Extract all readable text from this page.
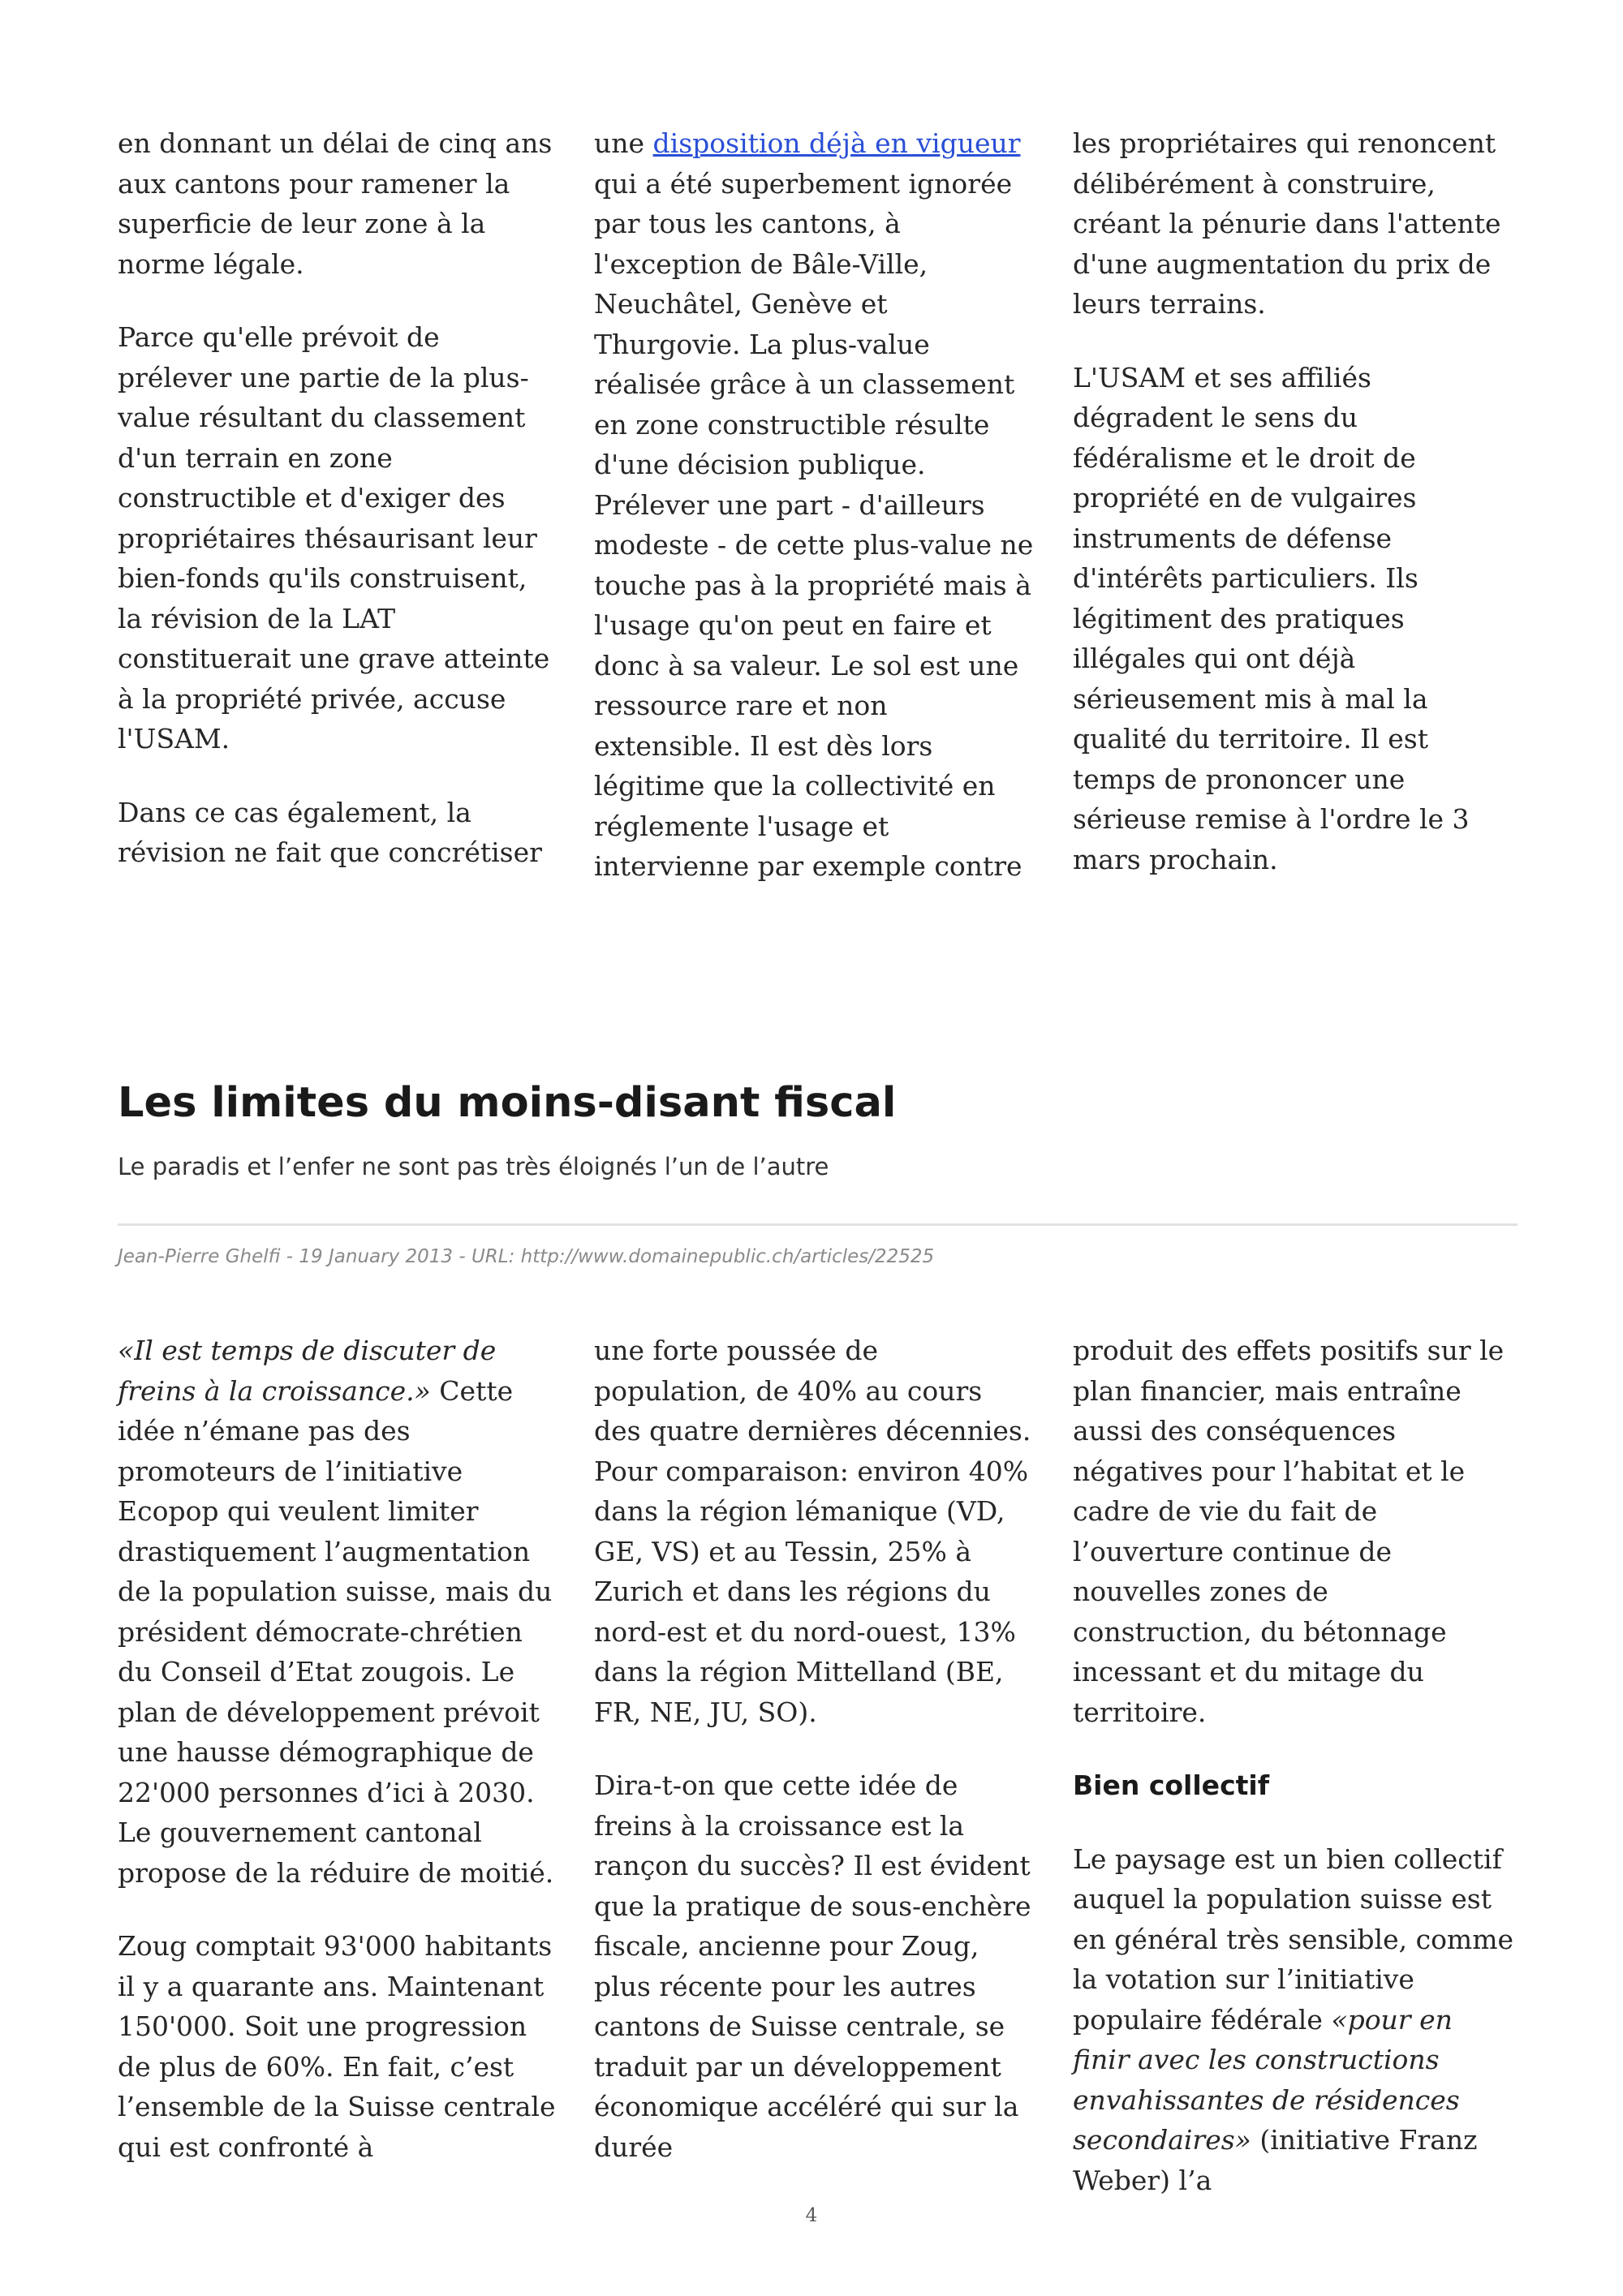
en donnant un délai de cinq ans aux cantons pour ramener la superficie de leur zone à la norme légale.

Parce qu'elle prévoit de prélever une partie de la plus-value résultant du classement d'un terrain en zone constructible et d'exiger des propriétaires thésaurisant leur bien-fonds qu'ils construisent, la révision de la LAT constituerait une grave atteinte à la propriété privée, accuse l'USAM.

Dans ce cas également, la révision ne fait que concrétiser

une disposition déjà en vigueur qui a été superbement ignorée par tous les cantons, à l'exception de Bâle-Ville, Neuchâtel, Genève et Thurgovie. La plus-value réalisée grâce à un classement en zone constructible résulte d'une décision publique. Prélever une part - d'ailleurs modeste - de cette plus-value ne touche pas à la propriété mais à l'usage qu'on peut en faire et donc à sa valeur. Le sol est une ressource rare et non extensible. Il est dès lors légitime que la collectivité en réglemente l'usage et intervienne par exemple contre

les propriétaires qui renoncent délibérément à construire, créant la pénurie dans l'attente d'une augmentation du prix de leurs terrains.

L'USAM et ses affiliés dégradent le sens du fédéralisme et le droit de propriété en de vulgaires instruments de défense d'intérêts particuliers. Ils légitiment des pratiques illégales qui ont déjà sérieusement mis à mal la qualité du territoire. Il est temps de prononcer une sérieuse remise à l'ordre le 3 mars prochain.

Les limites du moins-disant fiscal
Le paradis et l’enfer ne sont pas très éloignés l’un de l’autre
Jean-Pierre Ghelfi - 19 January 2013 - URL: http://www.domainepublic.ch/articles/22525

«Il est temps de discuter de freins à la croissance.» Cette idée n’émane pas des promoteurs de l’initiative Ecopop qui veulent limiter drastiquement l’augmentation de la population suisse, mais du président démocrate-chrétien du Conseil d’Etat zougois. Le plan de développement prévoit une hausse démographique de 22'000 personnes d’ici à 2030. Le gouvernement cantonal propose de la réduire de moitié.

Zoug comptait 93'000 habitants il y a quarante ans. Maintenant 150'000. Soit une progression de plus de 60%. En fait, c’est l’ensemble de la Suisse centrale qui est confronté à

une forte poussée de population, de 40% au cours des quatre dernières décennies. Pour comparaison: environ 40% dans la région lémanique (VD, GE, VS) et au Tessin, 25% à Zurich et dans les régions du nord-est et du nord-ouest, 13% dans la région Mittelland (BE, FR, NE, JU, SO).

Dira-t-on que cette idée de freins à la croissance est la rançon du succès? Il est évident que la pratique de sous-enchère fiscale, ancienne pour Zoug, plus récente pour les autres cantons de Suisse centrale, se traduit par un développement économique accéléré qui sur la durée

produit des effets positifs sur le plan financier, mais entraîne aussi des conséquences négatives pour l’habitat et le cadre de vie du fait de l’ouverture continue de nouvelles zones de construction, du bétonnage incessant et du mitage du territoire.

Bien collectif

Le paysage est un bien collectif auquel la population suisse est en général très sensible, comme la votation sur l’initiative populaire fédérale «pour en finir avec les constructions envahissantes de résidences secondaires» (initiative Franz Weber) l’a

4
